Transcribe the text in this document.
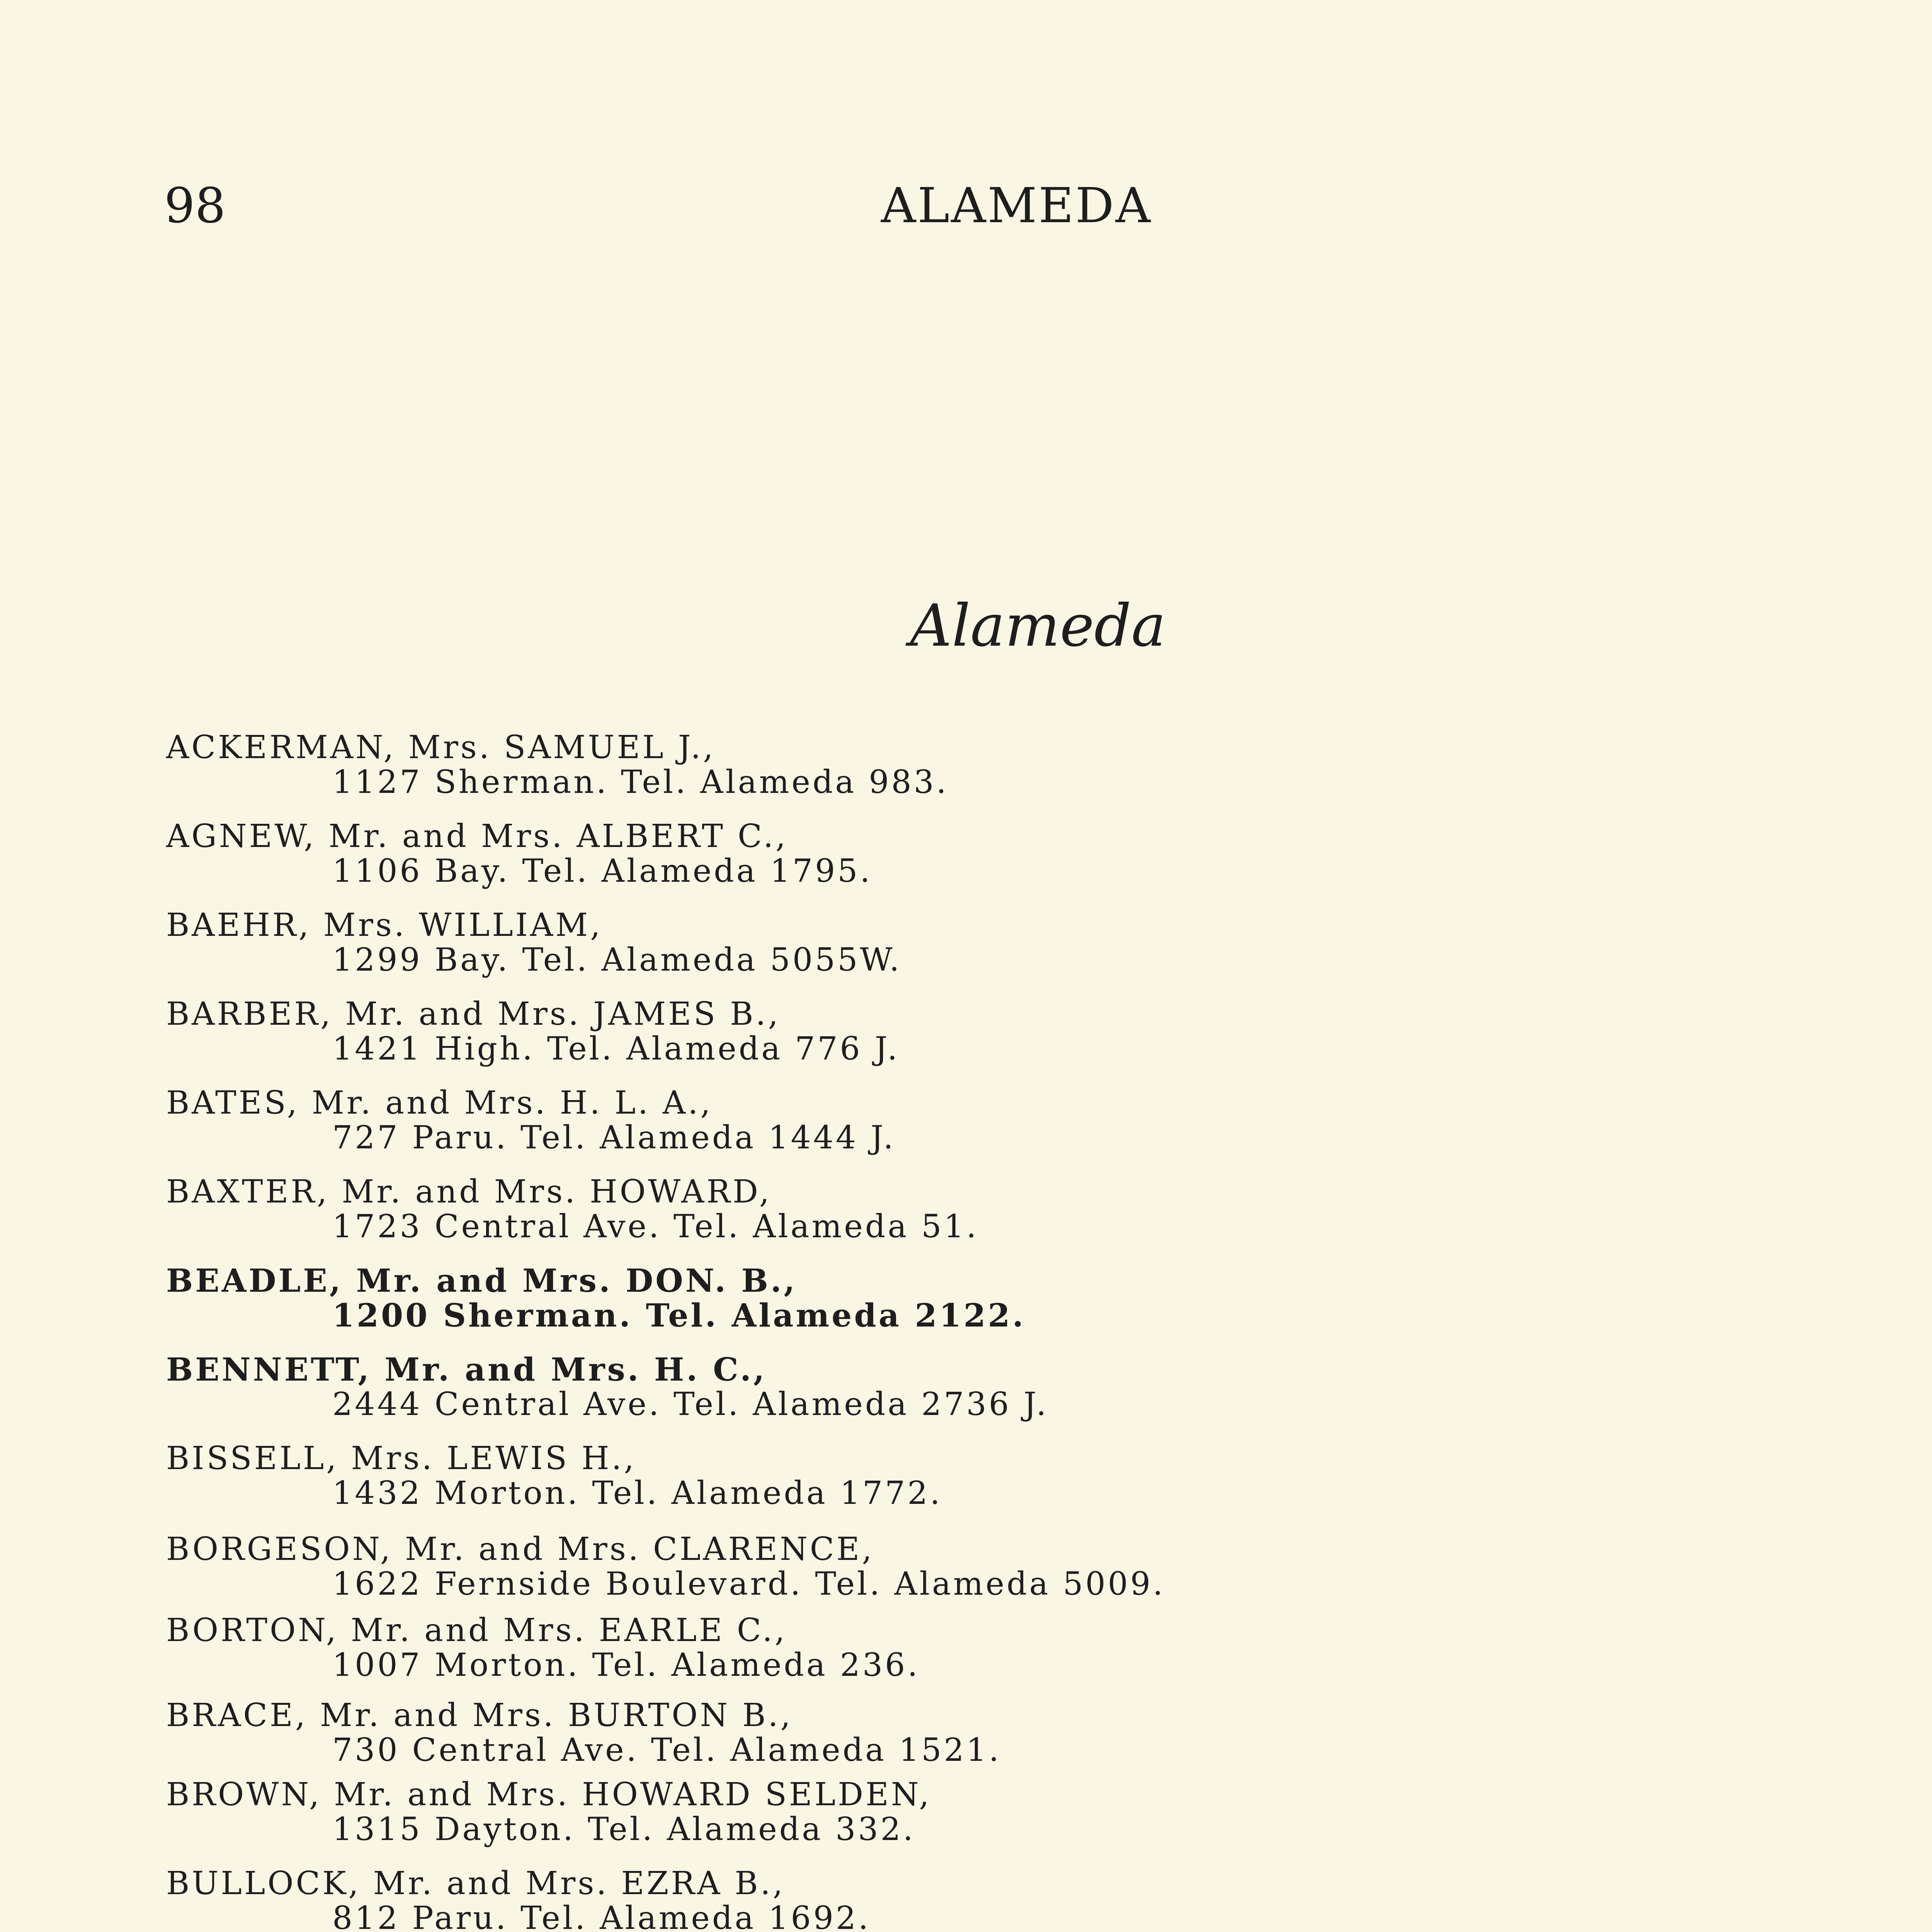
98	ALAMEDA
Alameda
ACKERMAN, Mrs. SAMUEL J.,
1127 Sherman. Tel. Alameda 983.
AGNEW, Mr. and Mrs. ALBERT C.,
1106 Bay. Tel. Alameda 1795.
BAEHR, Mrs. WILLIAM,
1299 Bay. Tel. Alameda 5055W.
BARBER, Mr. and Mrs. JAMES B.,
1421 High. Tel. Alameda 776 J.
BATES, Mr. and Mrs. H. L. A.,
727 Paru. Tel. Alameda 1444 J.
BAXTER, Mr. and Mrs. HOWARD,
1723 Central Ave. Tel. Alameda 51.
BEADLE, Mr. and Mrs. DON. B.,
1200 Sherman. Tel. Alameda 2122.
BENNETT, Mr. and Mrs. H. C.,
2444 Central Ave. Tel. Alameda 2736 J.
BISSELL, Mrs. LEWIS H.,
1432 Morton. Tel. Alameda 1772.
BORGESON, Mr. and Mrs. CLARENCE,
1622 Fernside Boulevard. Tel. Alameda 5009.
BORTON, Mr. and Mrs. EARLE C.,
1007 Morton. Tel. Alameda 236.
BRACE, Mr. and Mrs. BURTON B.,
730 Central Ave. Tel. Alameda 1521.
BROWN, Mr. and Mrs. HOWARD SELDEN,
1315 Dayton. Tel. Alameda 332.
BULLOCK, Mr. and Mrs. EZRA B.,
812 Paru. Tel. Alameda 1692.
